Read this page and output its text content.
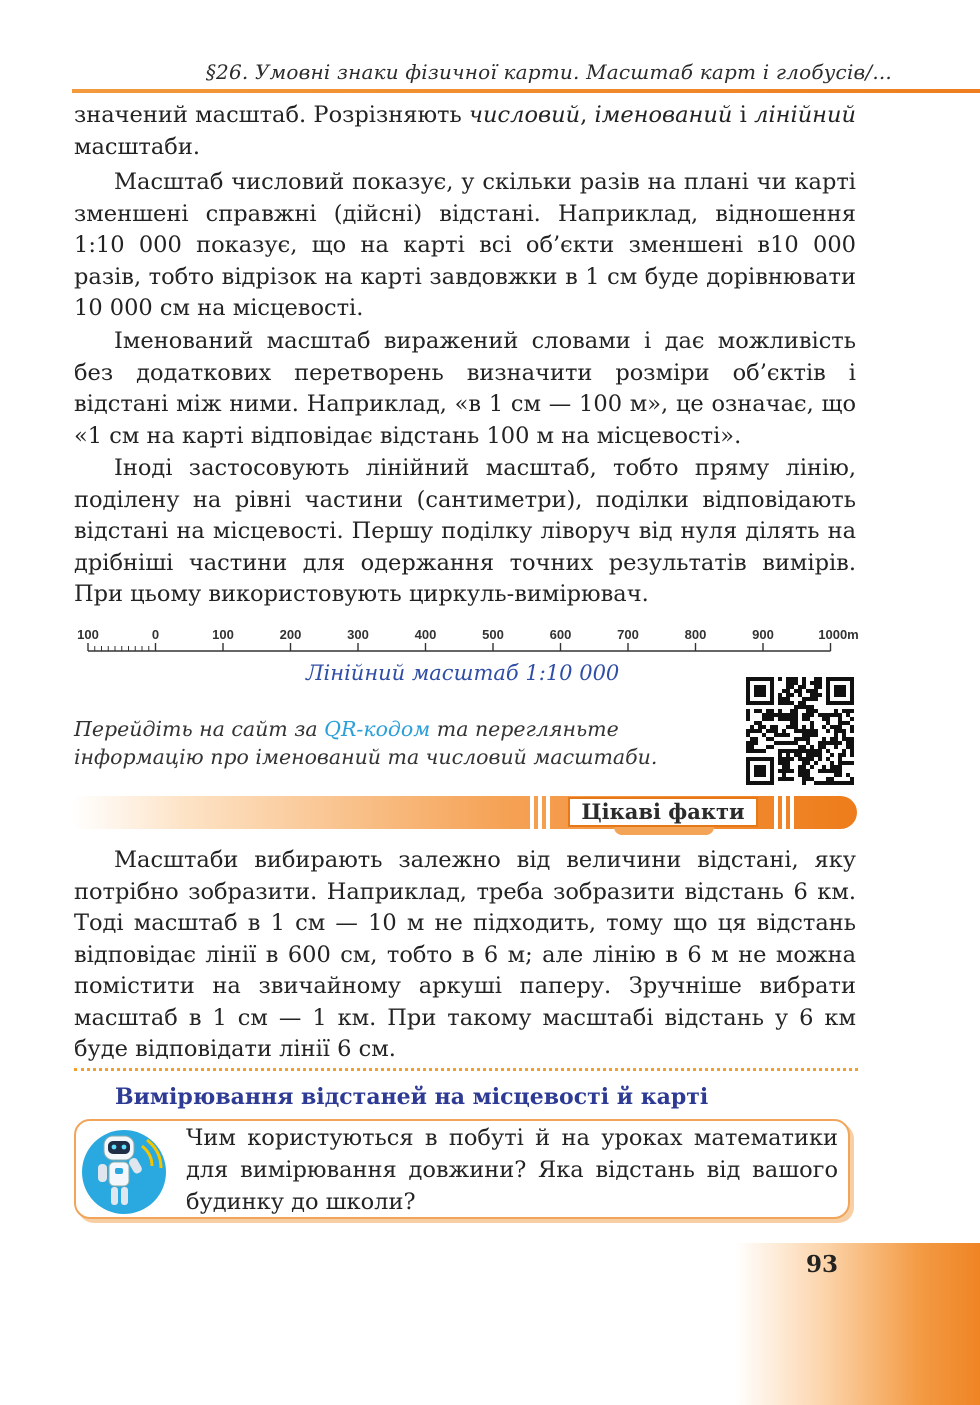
§26. Умовні знаки фізичної карти. Масштаб карт і глобусів/...

значений масштаб. Розрізняють числовий, іменований і лінійний масштаби.

Масштаб числовий показує, у скільки разів на плані чи карті зменшені справжні (дійсні) відстані. Наприклад, відношення 1:10 000 показує, що на карті всі об’єкти зменшені в10 000 разів, тобто відрізок на карті завдовжки в 1 см буде дорівнювати 10 000 см на місцевості.

Іменований масштаб виражений словами і дає можливість без додаткових перетворень визначити розміри об’єктів і відстані між ними. Наприклад, «в 1 см — 100 м», це означає, що «1 см на карті відповідає відстань 100 м на місцевості».

Іноді застосовують лінійний масштаб, тобто пряму лінію, поділену на рівні частини (сантиметри), поділки відповідають відстані на місцевості. Першу поділку ліворуч від нуля ділять на дрібніші частини для одержання точних результатів вимірів. При цьому використовують циркуль-вимірювач.

100	0	100	200	300	400	500	600	700	800	900	1000m
Лінійний масштаб 1:10 000
Перейдіть на сайт за QR-кодом та перегляньте інформацію про іменований та числовий масштаби.
Цікаві факти

Масштаби вибирають залежно від величини відстані, яку потрібно зобразити. Наприклад, треба зобразити відстань 6 км. Тоді масштаб в 1 см — 10 м не підходить, тому що ця відстань відповідає лінії в 600 см, тобто в 6 м; але лінію в 6 м не можна помістити на звичайному аркуші паперу. Зручніше вибрати масштаб в 1 см — 1 км. При такому масштабі відстань у 6 км буде відповідати лінії 6 см.

Вимірювання відстаней на місцевості й карті

Чим користуються в побуті й на уроках математики для вимірювання довжини? Яка відстань від вашого будинку до школи?

93
